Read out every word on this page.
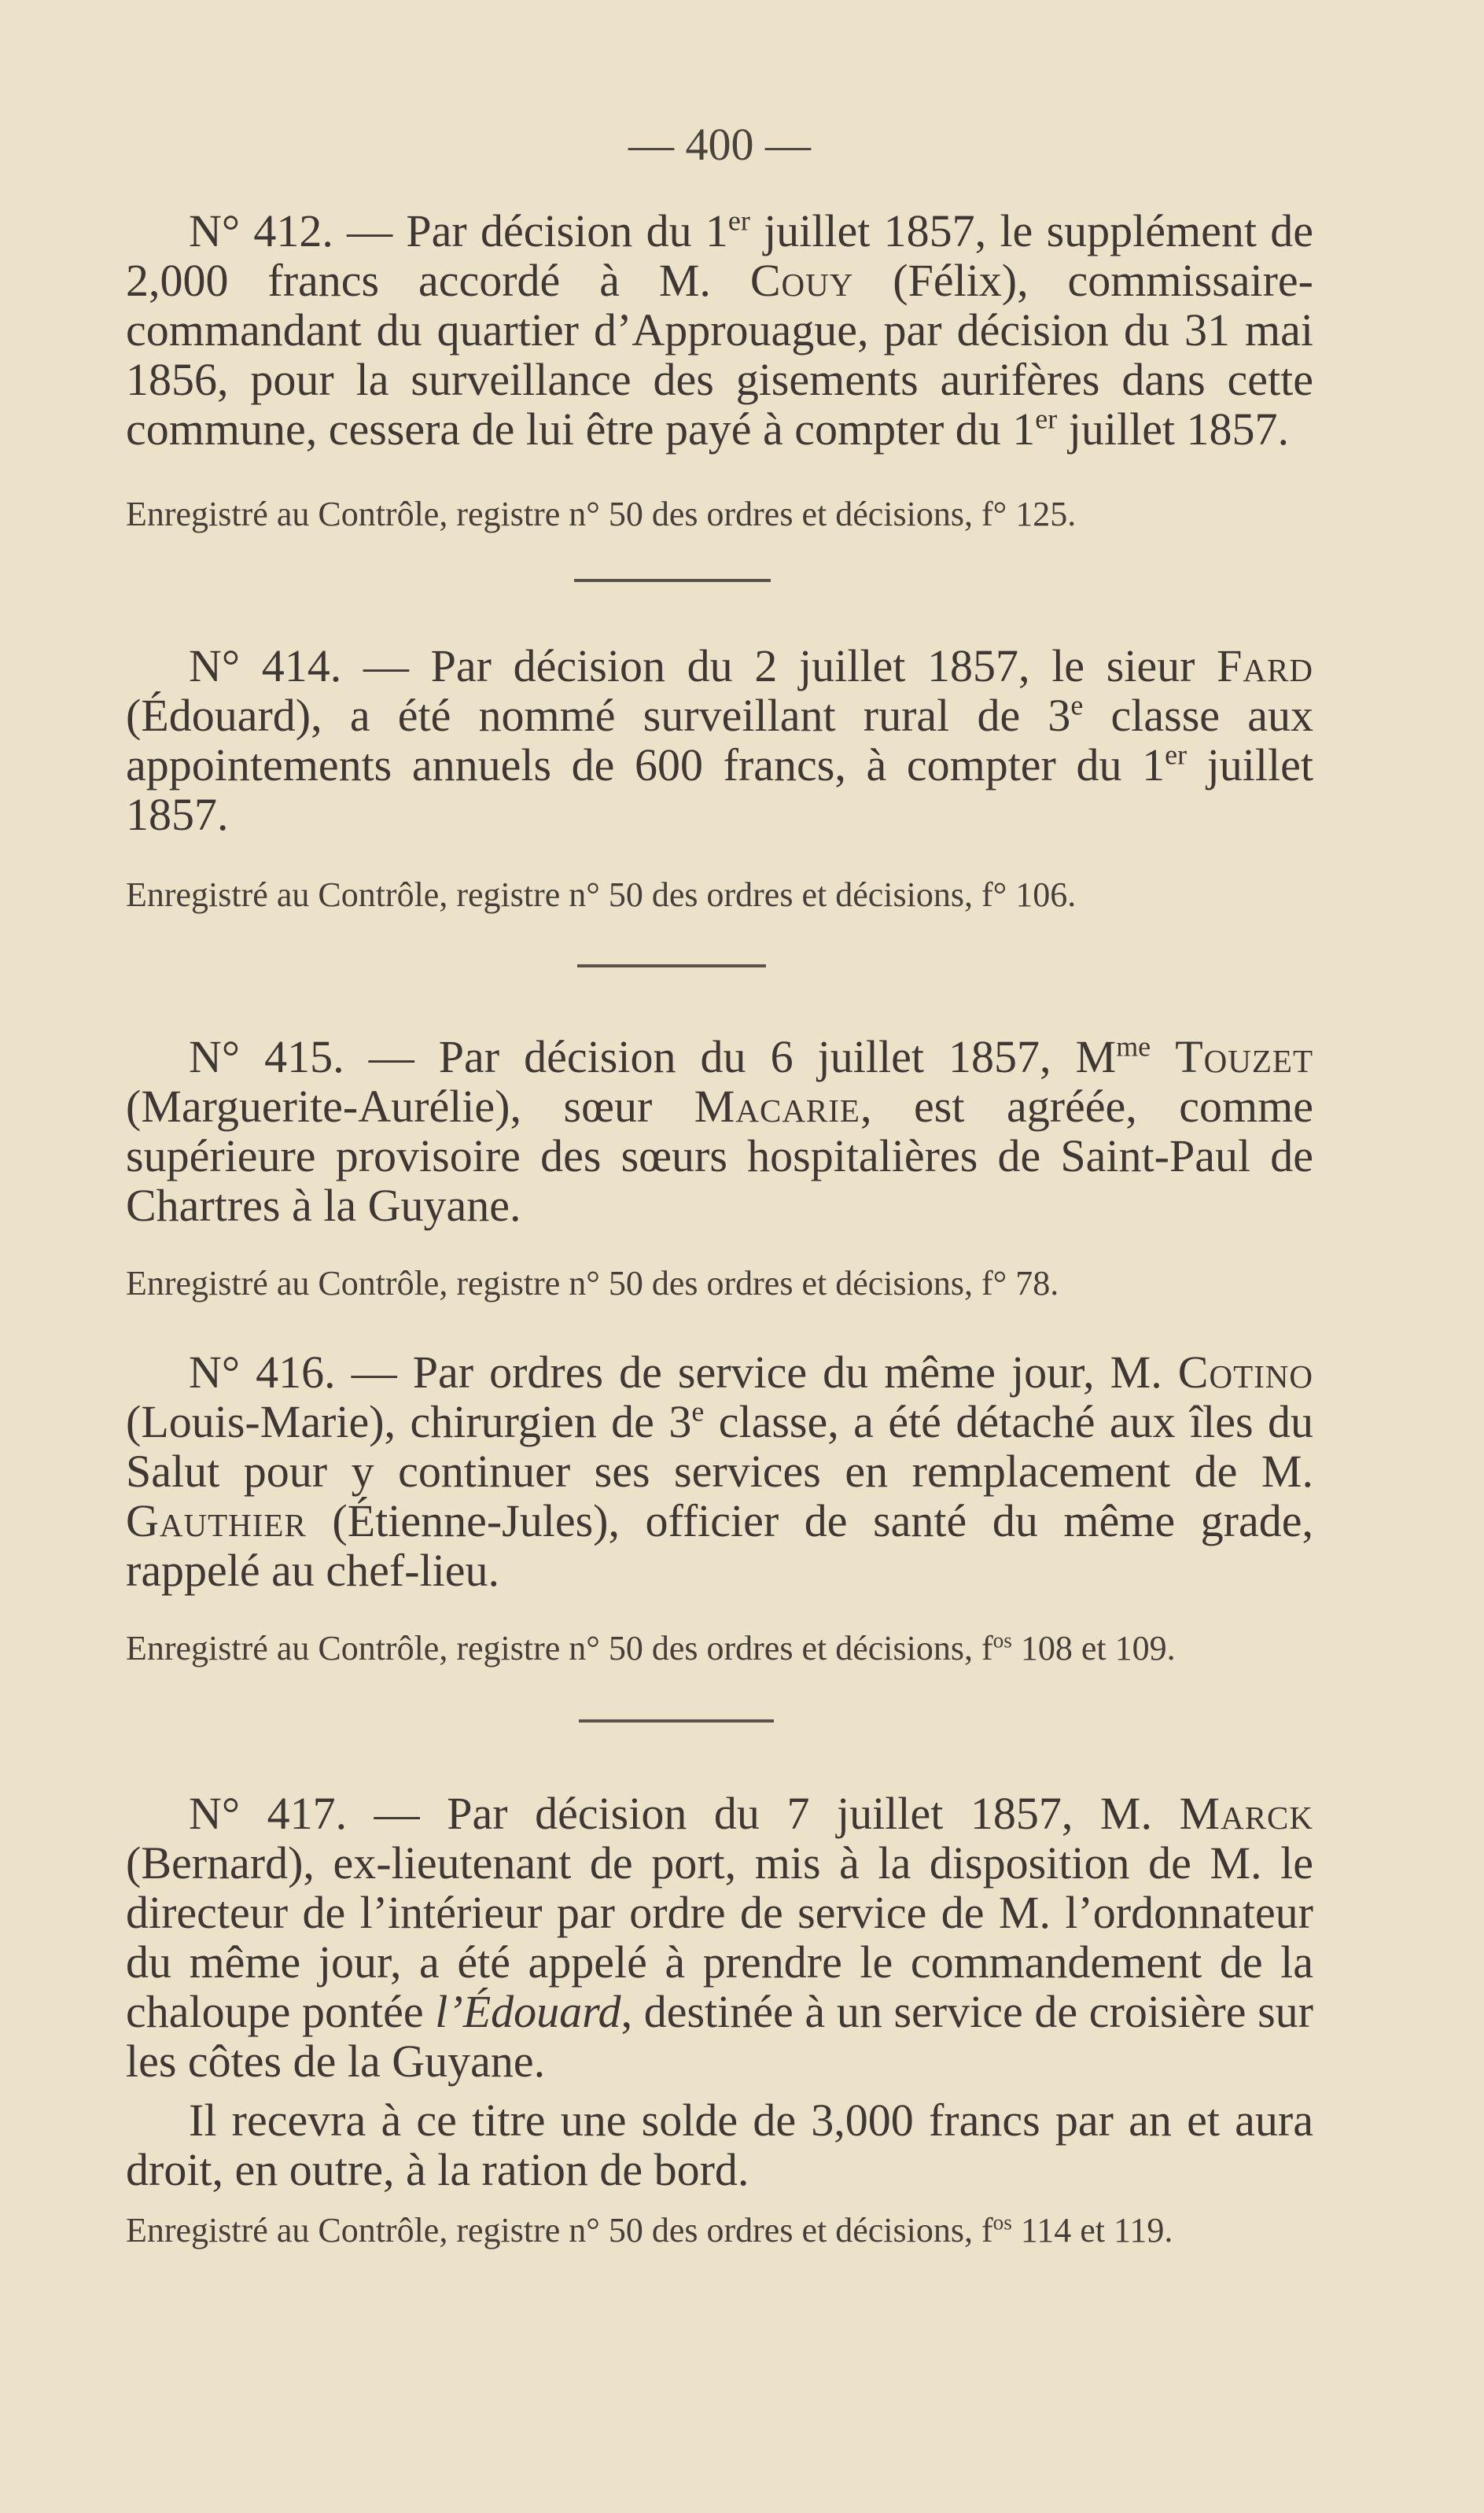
— 400 —

N° 412. — Par décision du 1er juillet 1857, le supplément de 2,000 francs accordé à M. Couy (Félix), commissaire-commandant du quartier d’Approuague, par décision du 31 mai 1856, pour la surveillance des gisements aurifères dans cette commune, cessera de lui être payé à compter du 1er juillet 1857.

Enregistré au Contrôle, registre n° 50 des ordres et décisions, f° 125.

N° 414. — Par décision du 2 juillet 1857, le sieur Fard (Édouard), a été nommé surveillant rural de 3e classe aux appointements annuels de 600 francs, à compter du 1er juillet 1857.

Enregistré au Contrôle, registre n° 50 des ordres et décisions, f° 106.

N° 415. — Par décision du 6 juillet 1857, $M^{me}$ Touzet (Marguerite-Aurélie), sœur Macarie, est agréée, comme supérieure provisoire des sœurs hospitalières de Saint-Paul de Chartres à la Guyane.

Enregistré au Contrôle, registre n° 50 des ordres et décisions, f° 78.

N° 416. — Par ordres de service du même jour, M. Cotino (Louis-Marie), chirurgien de 3e classe, a été détaché aux îles du Salut pour y continuer ses services en remplacement de M. Gauthier (Étienne-Jules), officier de santé du même grade, rappelé au chef-lieu.

Enregistré au Contrôle, registre n° 50 des ordres et décisions, $f^{os}$ 108 et 109.

N° 417. — Par décision du 7 juillet 1857, M. Marck (Bernard), ex-lieutenant de port, mis à la disposition de M. le directeur de l’intérieur par ordre de service de M. l’ordonnateur du même jour, a été appelé à prendre le commandement de la chaloupe pontée l’Édouard, destinée à un service de croisière sur les côtes de la Guyane.

Il recevra à ce titre une solde de 3,000 francs par an et aura droit, en outre, à la ration de bord.

Enregistré au Contrôle, registre n° 50 des ordres et décisions, $f^{os}$ 114 et 119.
